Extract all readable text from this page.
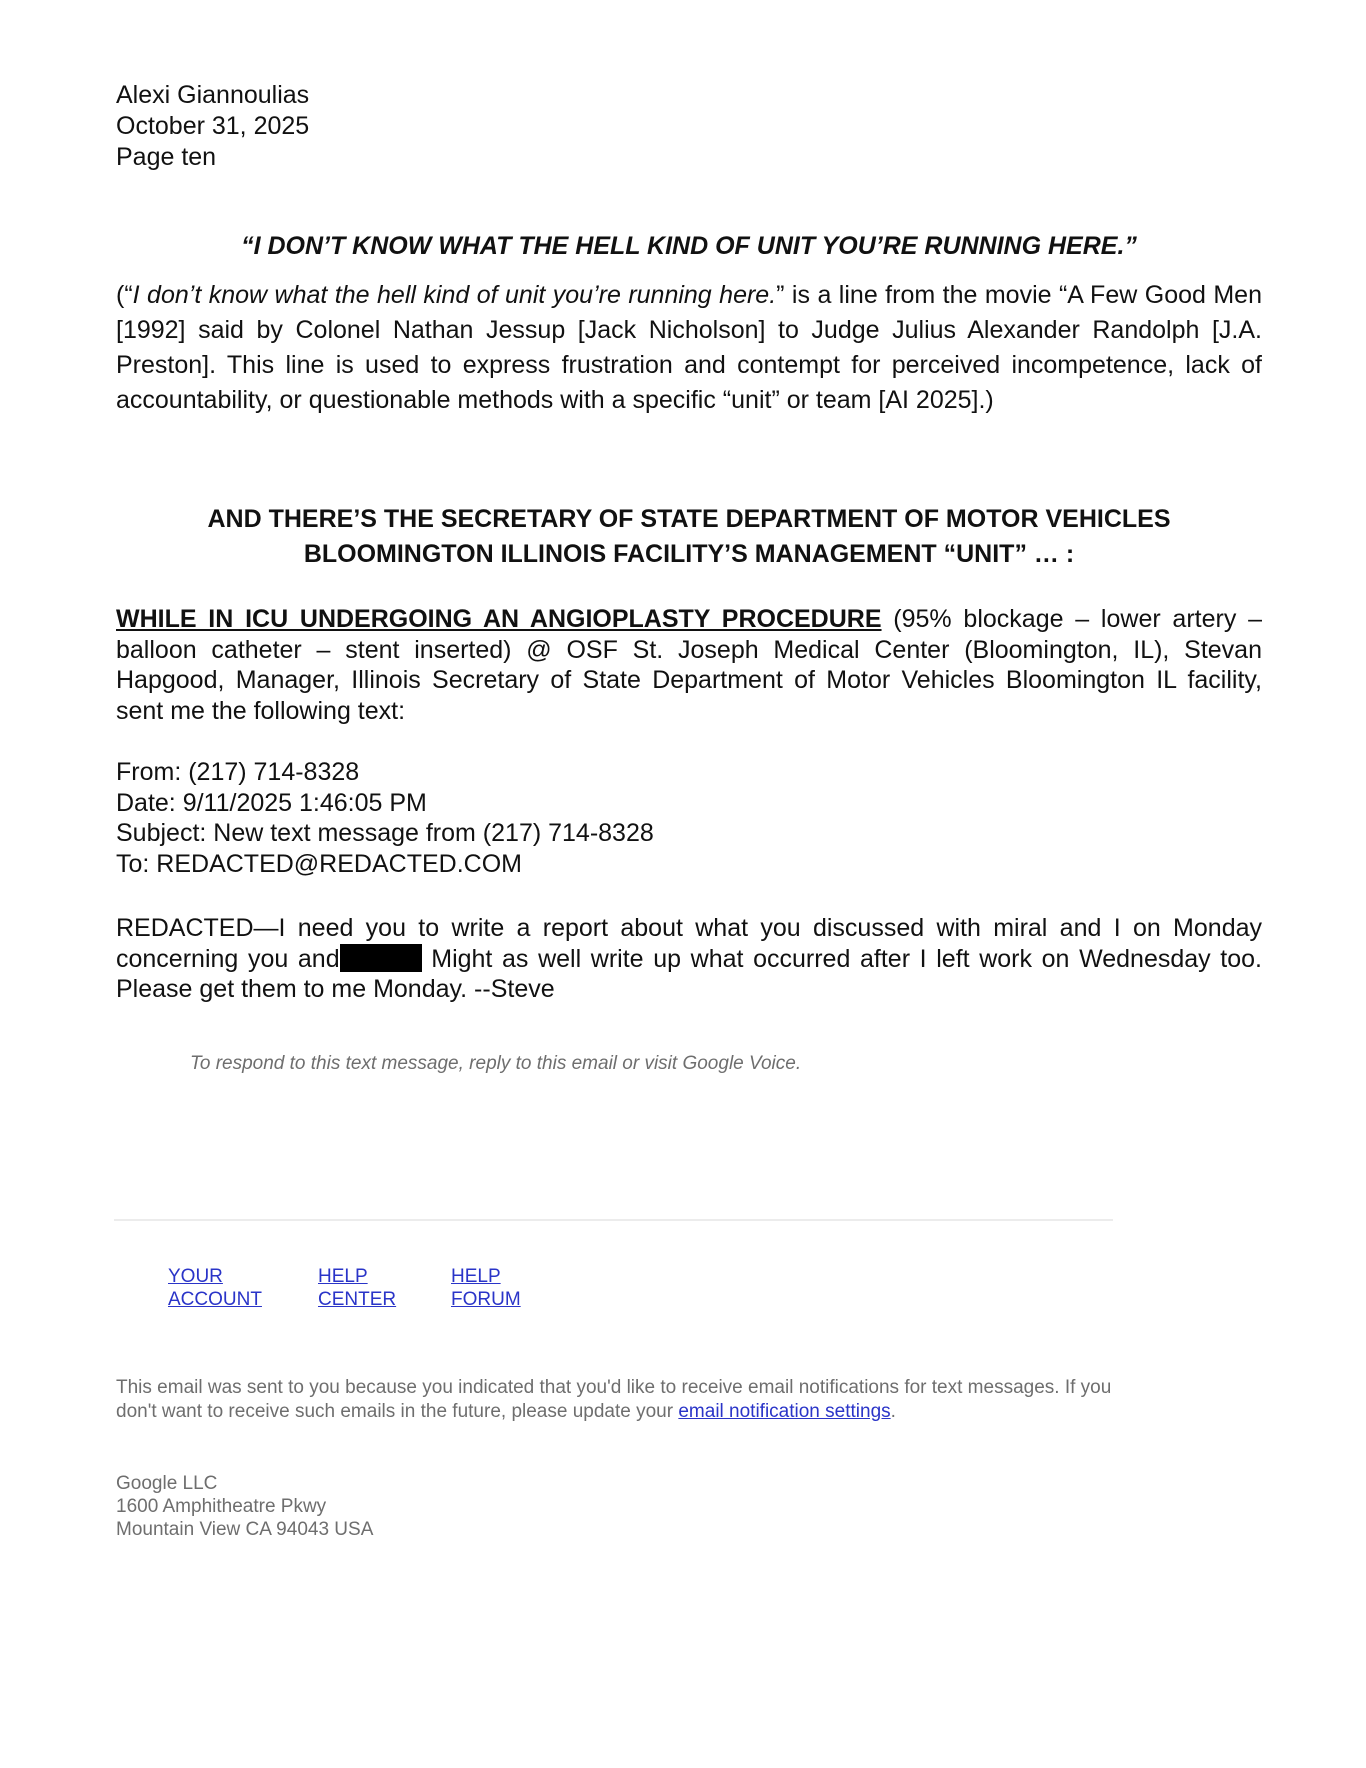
Alexi Giannoulias
October 31, 2025
Page ten
“I DON’T KNOW WHAT THE HELL KIND OF UNIT YOU’RE RUNNING HERE.”
(“I don’t know what the hell kind of unit you’re running here.” is a line from the movie “A Few Good Men [1992] said by Colonel Nathan Jessup [Jack Nicholson] to Judge Julius Alexander Randolph [J.A. Preston]. This line is used to express frustration and contempt for perceived incompetence, lack of accountability, or questionable methods with a specific “unit” or team [AI 2025].)
AND THERE’S THE SECRETARY OF STATE DEPARTMENT OF MOTOR VEHICLES
BLOOMINGTON ILLINOIS FACILITY’S MANAGEMENT “UNIT” … :
WHILE IN ICU UNDERGOING AN ANGIOPLASTY PROCEDURE (95% blockage – lower artery – balloon catheter – stent inserted) @ OSF St. Joseph Medical Center (Bloomington, IL), Stevan Hapgood, Manager, Illinois Secretary of State Department of Motor Vehicles Bloomington IL facility, sent me the following text:
From: (217) 714-8328
Date: 9/11/2025 1:46:05 PM
Subject: New text message from (217) 714-8328
To: REDACTED@REDACTED.COM
REDACTED—I need you to write a report about what you discussed with miral and I on Monday concerning you and	Might as well write up what occurred after I left work on Wednesday too. Please get them to me Monday. --Steve
To respond to this text message, reply to this email or visit Google Voice.
YOUR
ACCOUNT
HELP
CENTER
HELP
FORUM
This email was sent to you because you indicated that you'd like to receive email notifications for text messages. If you don't want to receive such emails in the future, please update your email notification settings.
Google LLC
1600 Amphitheatre Pkwy
Mountain View CA 94043 USA
